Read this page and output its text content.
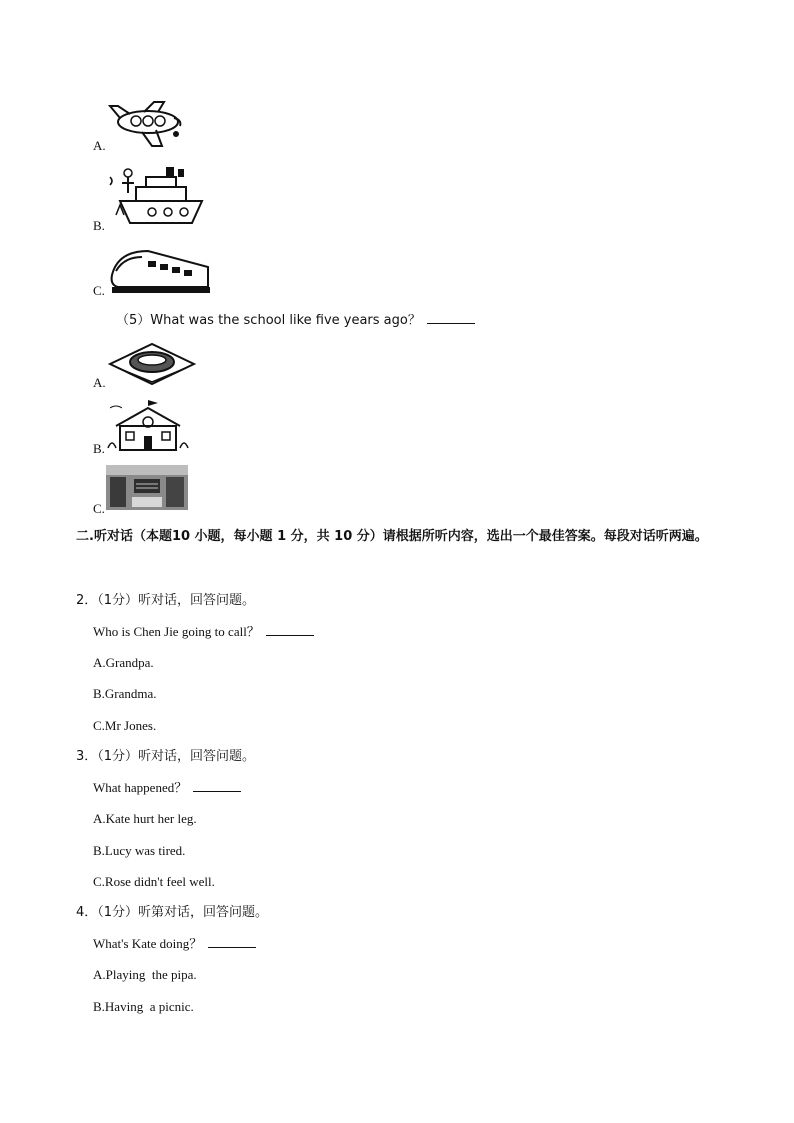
A.
B.
C.
（5）What was the school like five years ago？
A.
B.
C.
二.听对话（本题10 小题，每小题 1 分，共 10 分）请根据所听内容，选出一个最佳答案。每段对话听两遍。
2．（1分）听对话，回答问题。
Who is Chen Jie going to call？
A.Grandpa.
B.Grandma.
C.Mr Jones.
3．（1分）听对话，回答问题。
What happened？
A.Kate hurt her leg.
B.Lucy was tired.
C.Rose didn't feel well.
4．（1分）听第对话，回答问题。
What's Kate doing？
A.Playing  the pipa.
B.Having  a picnic.
